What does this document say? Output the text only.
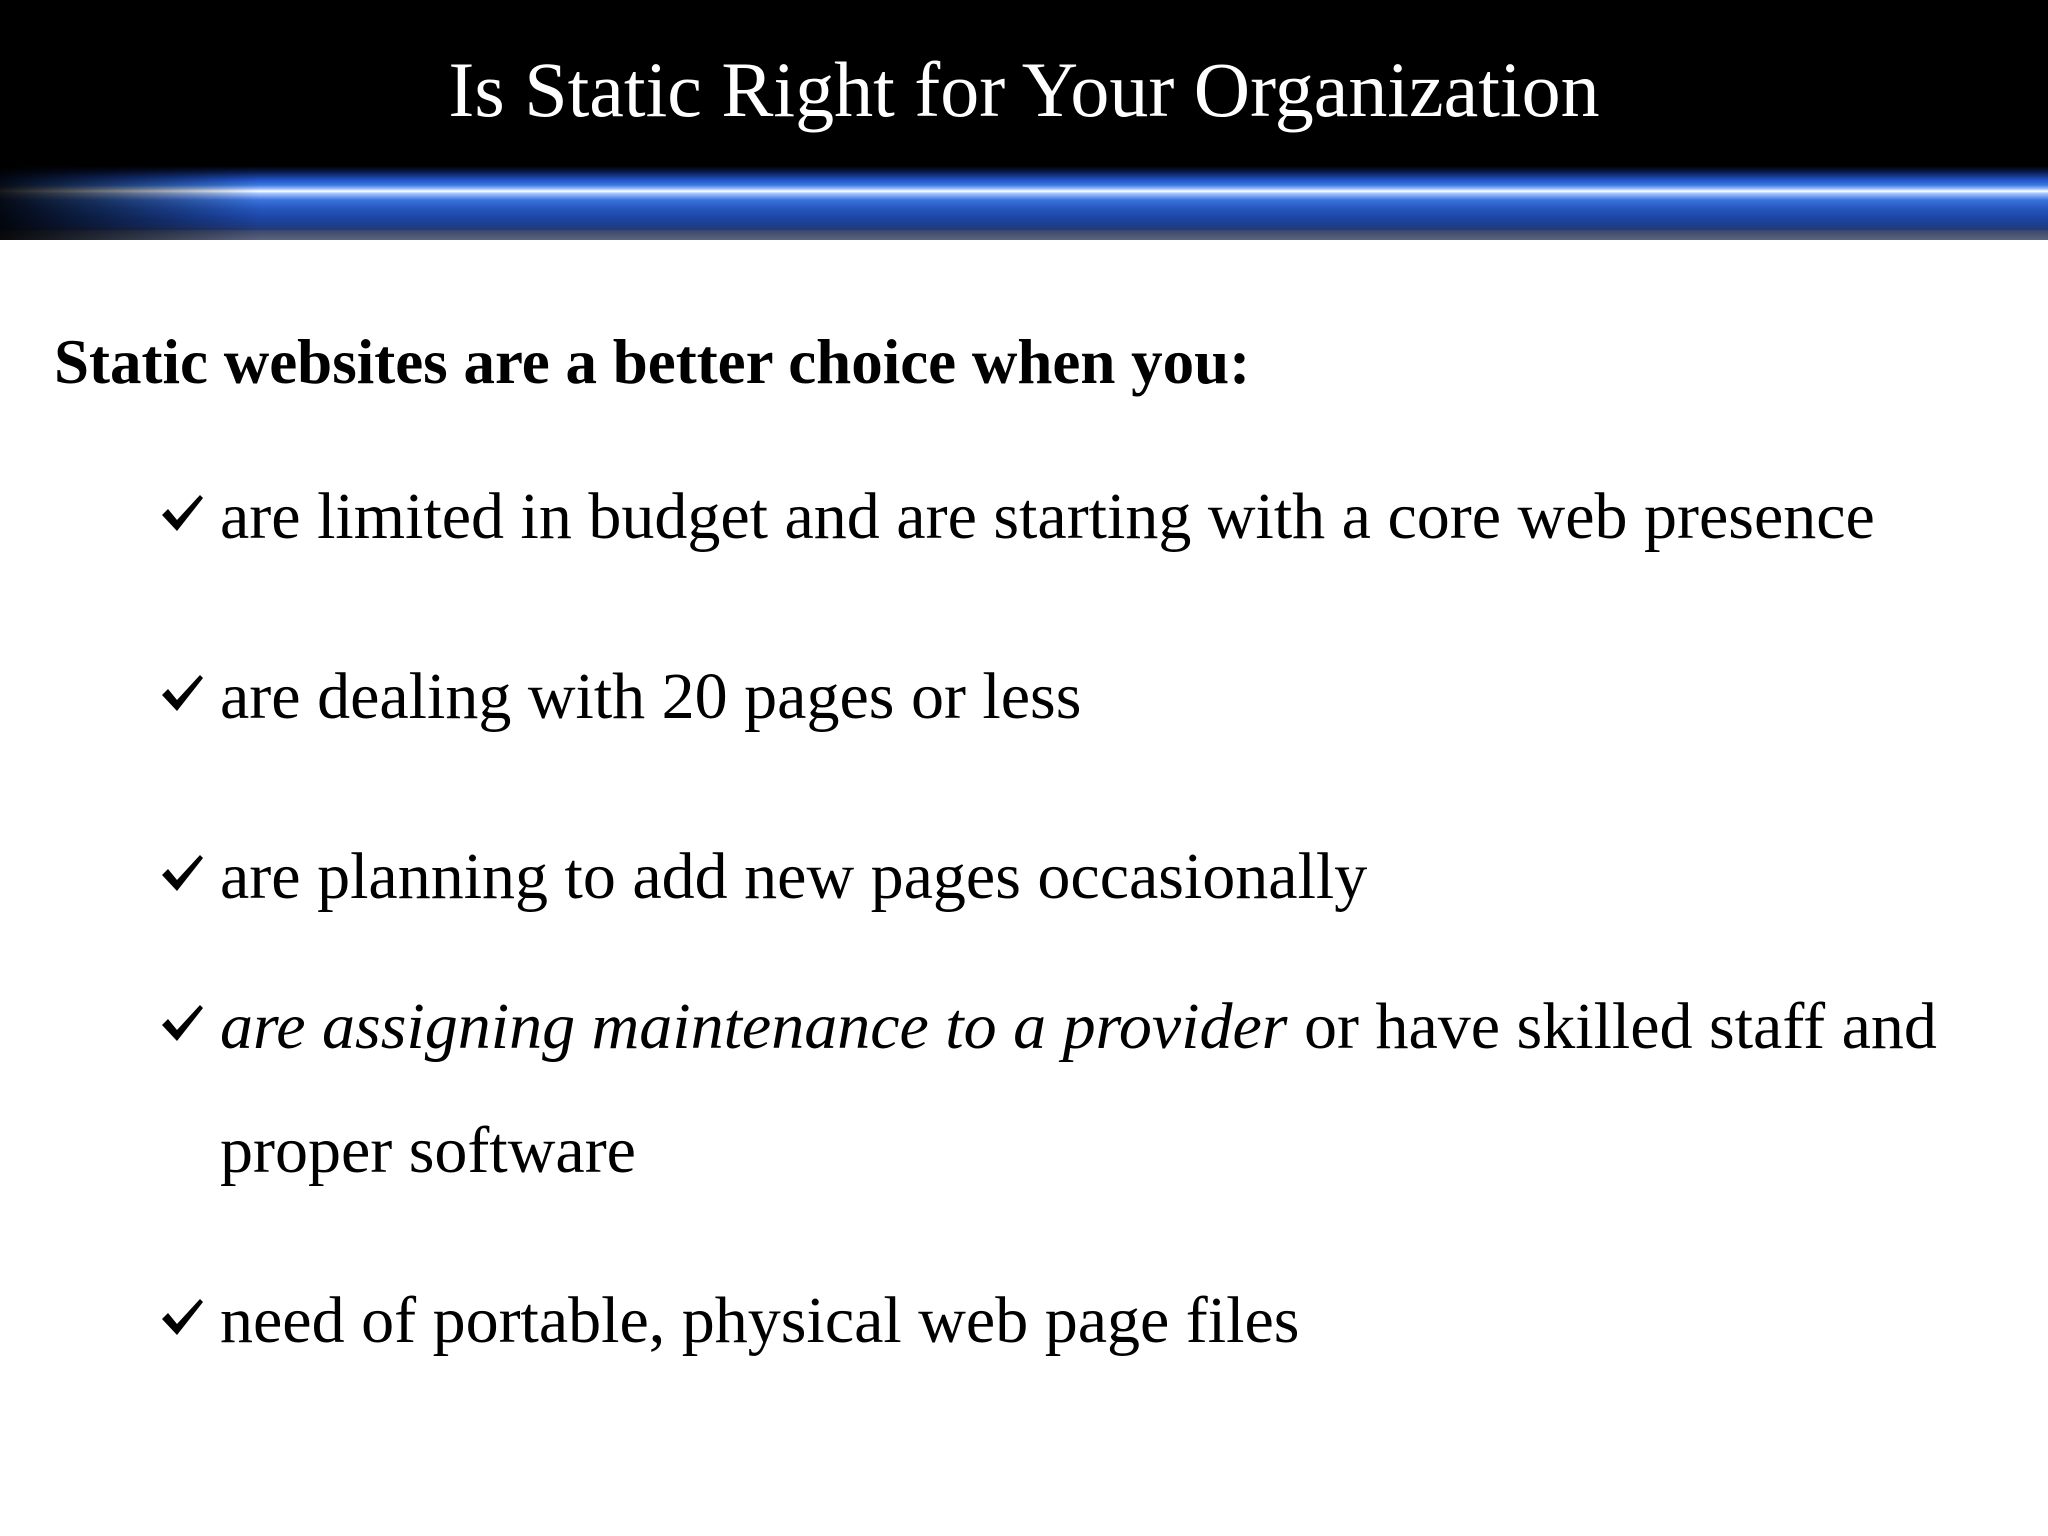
Is Static Right for Your Organization
Static websites are a better choice when you:
are limited in budget and are starting with a core web presence
are dealing with 20 pages or less
are planning to add new pages occasionally
are assigning maintenance to a provider or have skilled staff and
proper software
need of portable, physical web page files
